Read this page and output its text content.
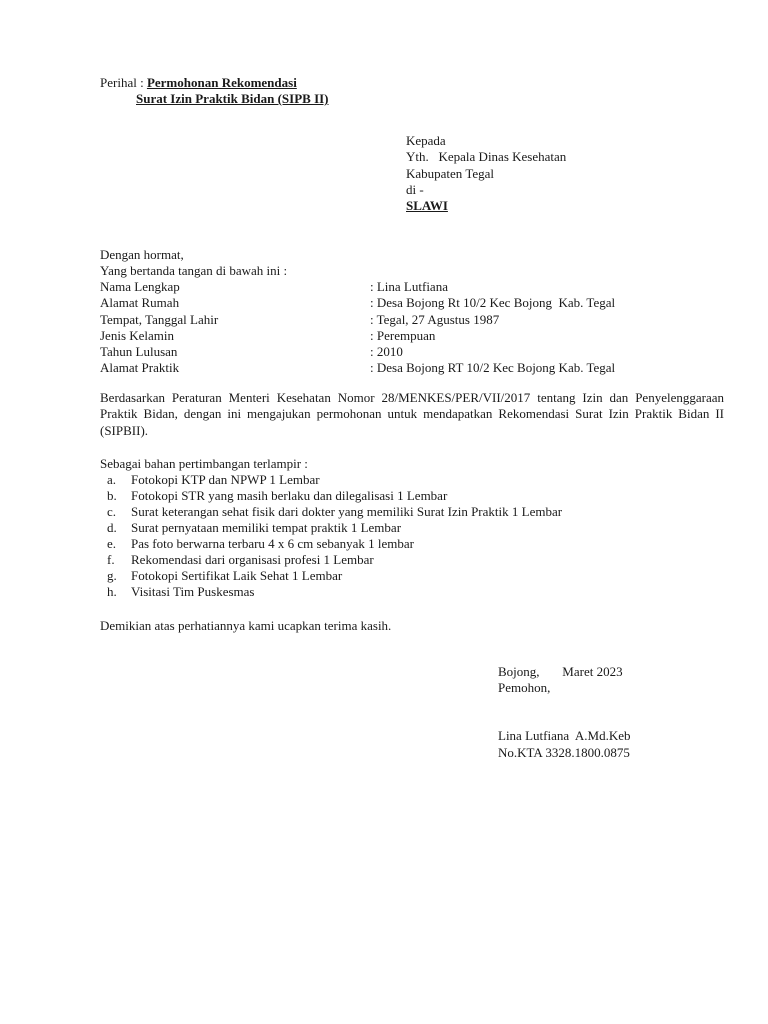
Perihal : Permohonan Rekomendasi
Surat Izin Praktik Bidan (SIPB II)
Kepada
Yth.   Kepala Dinas Kesehatan
Kabupaten Tegal
di -
SLAWI
Dengan hormat,
Yang bertanda tangan di bawah ini :
Nama Lengkap	: Lina Lutfiana
Alamat Rumah	: Desa Bojong Rt 10/2 Kec Bojong  Kab. Tegal
Tempat, Tanggal Lahir	: Tegal, 27 Agustus 1987
Jenis Kelamin	: Perempuan
Tahun Lulusan	: 2010
Alamat Praktik	: Desa Bojong RT 10/2 Kec Bojong Kab. Tegal
Berdasarkan Peraturan Menteri Kesehatan Nomor 28/MENKES/PER/VII/2017 tentang Izin dan Penyelenggaraan Praktik Bidan, dengan ini mengajukan permohonan untuk mendapatkan Rekomendasi Surat Izin Praktik Bidan II (SIPBII).
Sebagai bahan pertimbangan terlampir :
a. Fotokopi KTP dan NPWP 1 Lembar
b. Fotokopi STR yang masih berlaku dan dilegalisasi 1 Lembar
c. Surat keterangan sehat fisik dari dokter yang memiliki Surat Izin Praktik 1 Lembar
d. Surat pernyataan memiliki tempat praktik 1 Lembar
e. Pas foto berwarna terbaru 4 x 6 cm sebanyak 1 lembar
f. Rekomendasi dari organisasi profesi 1 Lembar
g. Fotokopi Sertifikat Laik Sehat 1 Lembar
h. Visitasi Tim Puskesmas
Demikian atas perhatiannya kami ucapkan terima kasih.
Bojong,       Maret 2023
Pemohon,
Lina Lutfiana  A.Md.Keb
No.KTA 3328.1800.0875
